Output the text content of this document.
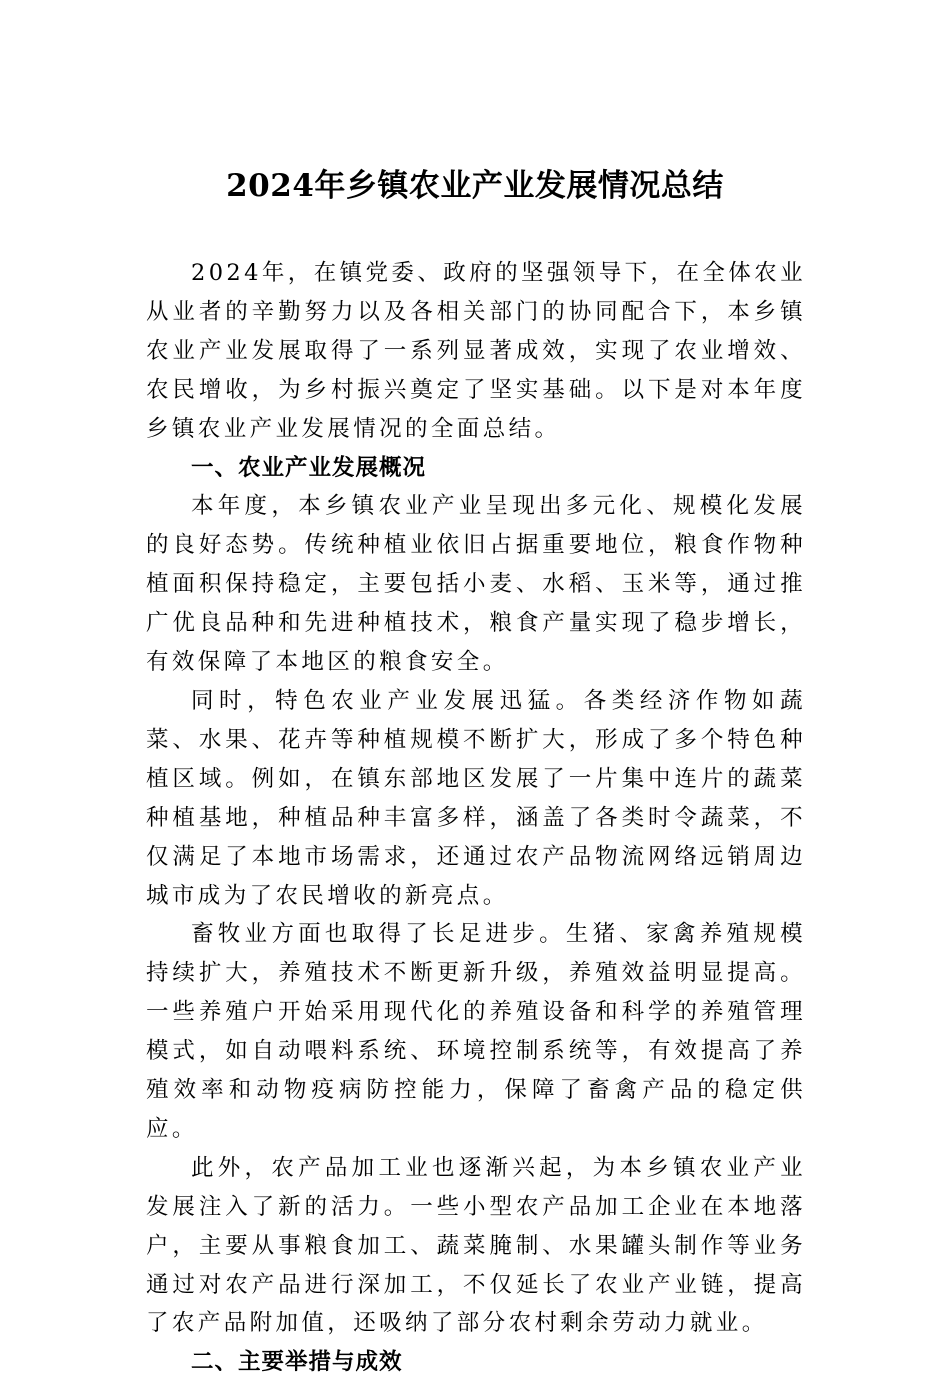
2024年乡镇农业产业发展情况总结

2024年，在镇党委、政府的坚强领导下，在全体农业从业者的辛勤努力以及各相关部门的协同配合下，本乡镇农业产业发展取得了一系列显著成效，实现了农业增效、农民增收，为乡村振兴奠定了坚实基础。以下是对本年度乡镇农业产业发展情况的全面总结。

一、农业产业发展概况

本年度，本乡镇农业产业呈现出多元化、规模化发展的良好态势。传统种植业依旧占据重要地位，粮食作物种植面积保持稳定，主要包括小麦、水稻、玉米等，通过推广优良品种和先进种植技术，粮食产量实现了稳步增长，有效保障了本地区的粮食安全。

同时，特色农业产业发展迅猛。各类经济作物如蔬菜、水果、花卉等种植规模不断扩大，形成了多个特色种植区域。例如，在镇东部地区发展了一片集中连片的蔬菜种植基地，种植品种丰富多样，涵盖了各类时令蔬菜，不仅满足了本地市场需求，还通过农产品物流网络远销周边城市成为了农民增收的新亮点。

畜牧业方面也取得了长足进步。生猪、家禽养殖规模持续扩大，养殖技术不断更新升级，养殖效益明显提高。一些养殖户开始采用现代化的养殖设备和科学的养殖管理模式，如自动喂料系统、环境控制系统等，有效提高了养殖效率和动物疫病防控能力，保障了畜禽产品的稳定供应。

此外，农产品加工业也逐渐兴起，为本乡镇农业产业发展注入了新的活力。一些小型农产品加工企业在本地落户，主要从事粮食加工、蔬菜腌制、水果罐头制作等业务通过对农产品进行深加工，不仅延长了农业产业链，提高了农产品附加值，还吸纳了部分农村剩余劳动力就业。

二、主要举措与成效
